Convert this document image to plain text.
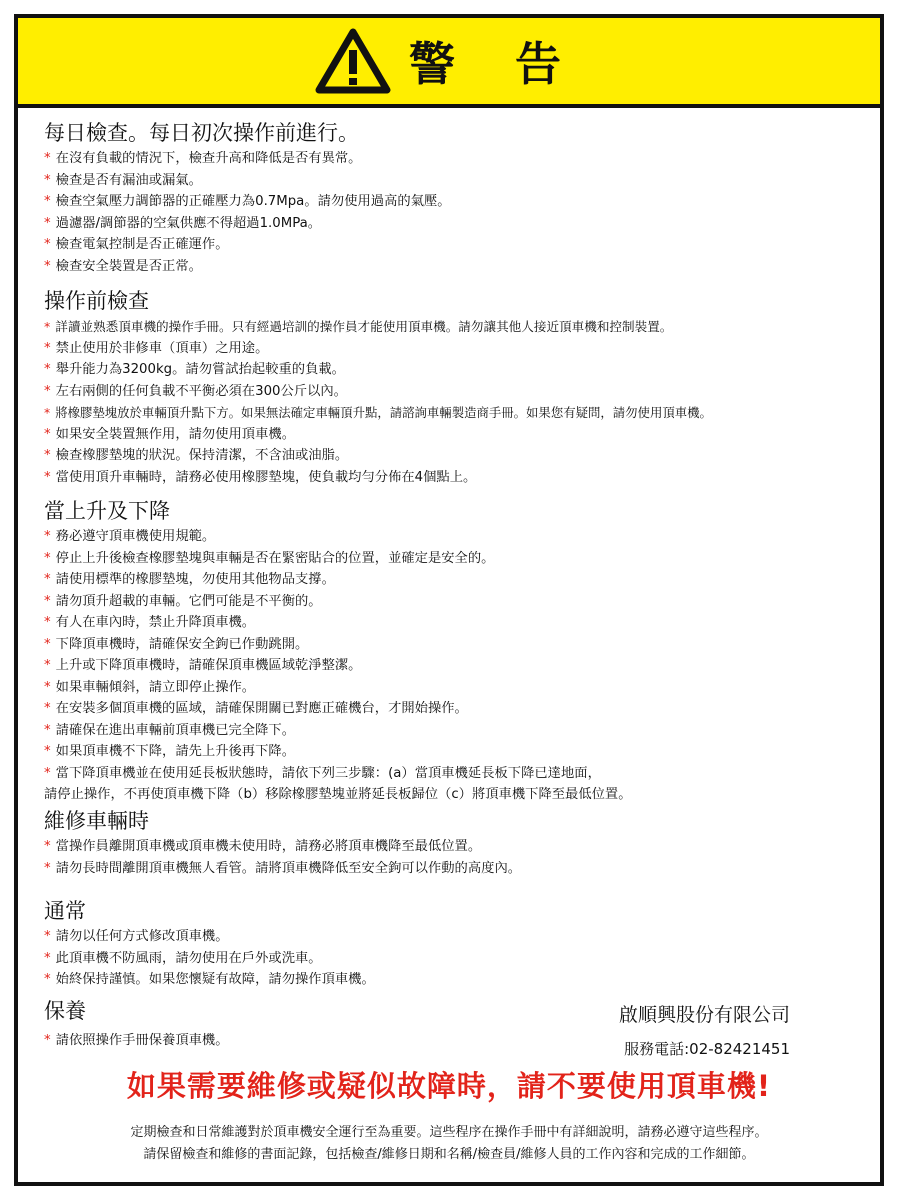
警 告
每日檢查。每日初次操作前進行。
* 在沒有負載的情況下，檢查升高和降低是否有異常。
* 檢查是否有漏油或漏氣。
* 檢查空氣壓力調節器的正確壓力為0.7Mpa。請勿使用過高的氣壓。
* 過濾器/調節器的空氣供應不得超過1.0MPa。
* 檢查電氣控制是否正確運作。
* 檢查安全裝置是否正常。
操作前檢查
* 詳讀並熟悉頂車機的操作手冊。只有經過培訓的操作員才能使用頂車機。請勿讓其他人接近頂車機和控制裝置。
* 禁止使用於非修車（頂車）之用途。
* 舉升能力為3200kg。請勿嘗試抬起較重的負載。
* 左右兩側的任何負載不平衡必須在300公斤以內。
* 將橡膠墊塊放於車輛頂升點下方。如果無法確定車輛頂升點，請諮詢車輛製造商手冊。如果您有疑問，請勿使用頂車機。
* 如果安全裝置無作用，請勿使用頂車機。
* 檢查橡膠墊塊的狀況。保持清潔，不含油或油脂。
* 當使用頂升車輛時，請務必使用橡膠墊塊，使負載均勻分佈在4個點上。
當上升及下降
* 務必遵守頂車機使用規範。
* 停止上升後檢查橡膠墊塊與車輛是否在緊密貼合的位置，並確定是安全的。
* 請使用標準的橡膠墊塊，勿使用其他物品支撐。
* 請勿頂升超載的車輛。它們可能是不平衡的。
* 有人在車內時，禁止升降頂車機。
* 下降頂車機時，請確保安全鉤已作動跳開。
* 上升或下降頂車機時，請確保頂車機區域乾淨整潔。
* 如果車輛傾斜，請立即停止操作。
* 在安裝多個頂車機的區域，請確保開關已對應正確機台，才開始操作。
* 請確保在進出車輛前頂車機已完全降下。
* 如果頂車機不下降，請先上升後再下降。
* 當下降頂車機並在使用延長板狀態時，請依下列三步驟：(a）當頂車機延長板下降已達地面，
請停止操作，不再使頂車機下降（b）移除橡膠墊塊並將延長板歸位（c）將頂車機下降至最低位置。
維修車輛時
* 當操作員離開頂車機或頂車機未使用時，請務必將頂車機降至最低位置。
* 請勿長時間離開頂車機無人看管。請將頂車機降低至安全鉤可以作動的高度內。
通常
* 請勿以任何方式修改頂車機。
* 此頂車機不防風雨，請勿使用在戶外或洗車。
* 始終保持謹慎。如果您懷疑有故障，請勿操作頂車機。
保養
* 請依照操作手冊保養頂車機。
啟順興股份有限公司
服務電話:02-82421451
如果需要維修或疑似故障時，請不要使用頂車機!
定期檢查和日常維護對於頂車機安全運行至為重要。這些程序在操作手冊中有詳細說明，請務必遵守這些程序。
請保留檢查和維修的書面記錄，包括檢查/維修日期和名稱/檢查員/維修人員的工作內容和完成的工作細節。
